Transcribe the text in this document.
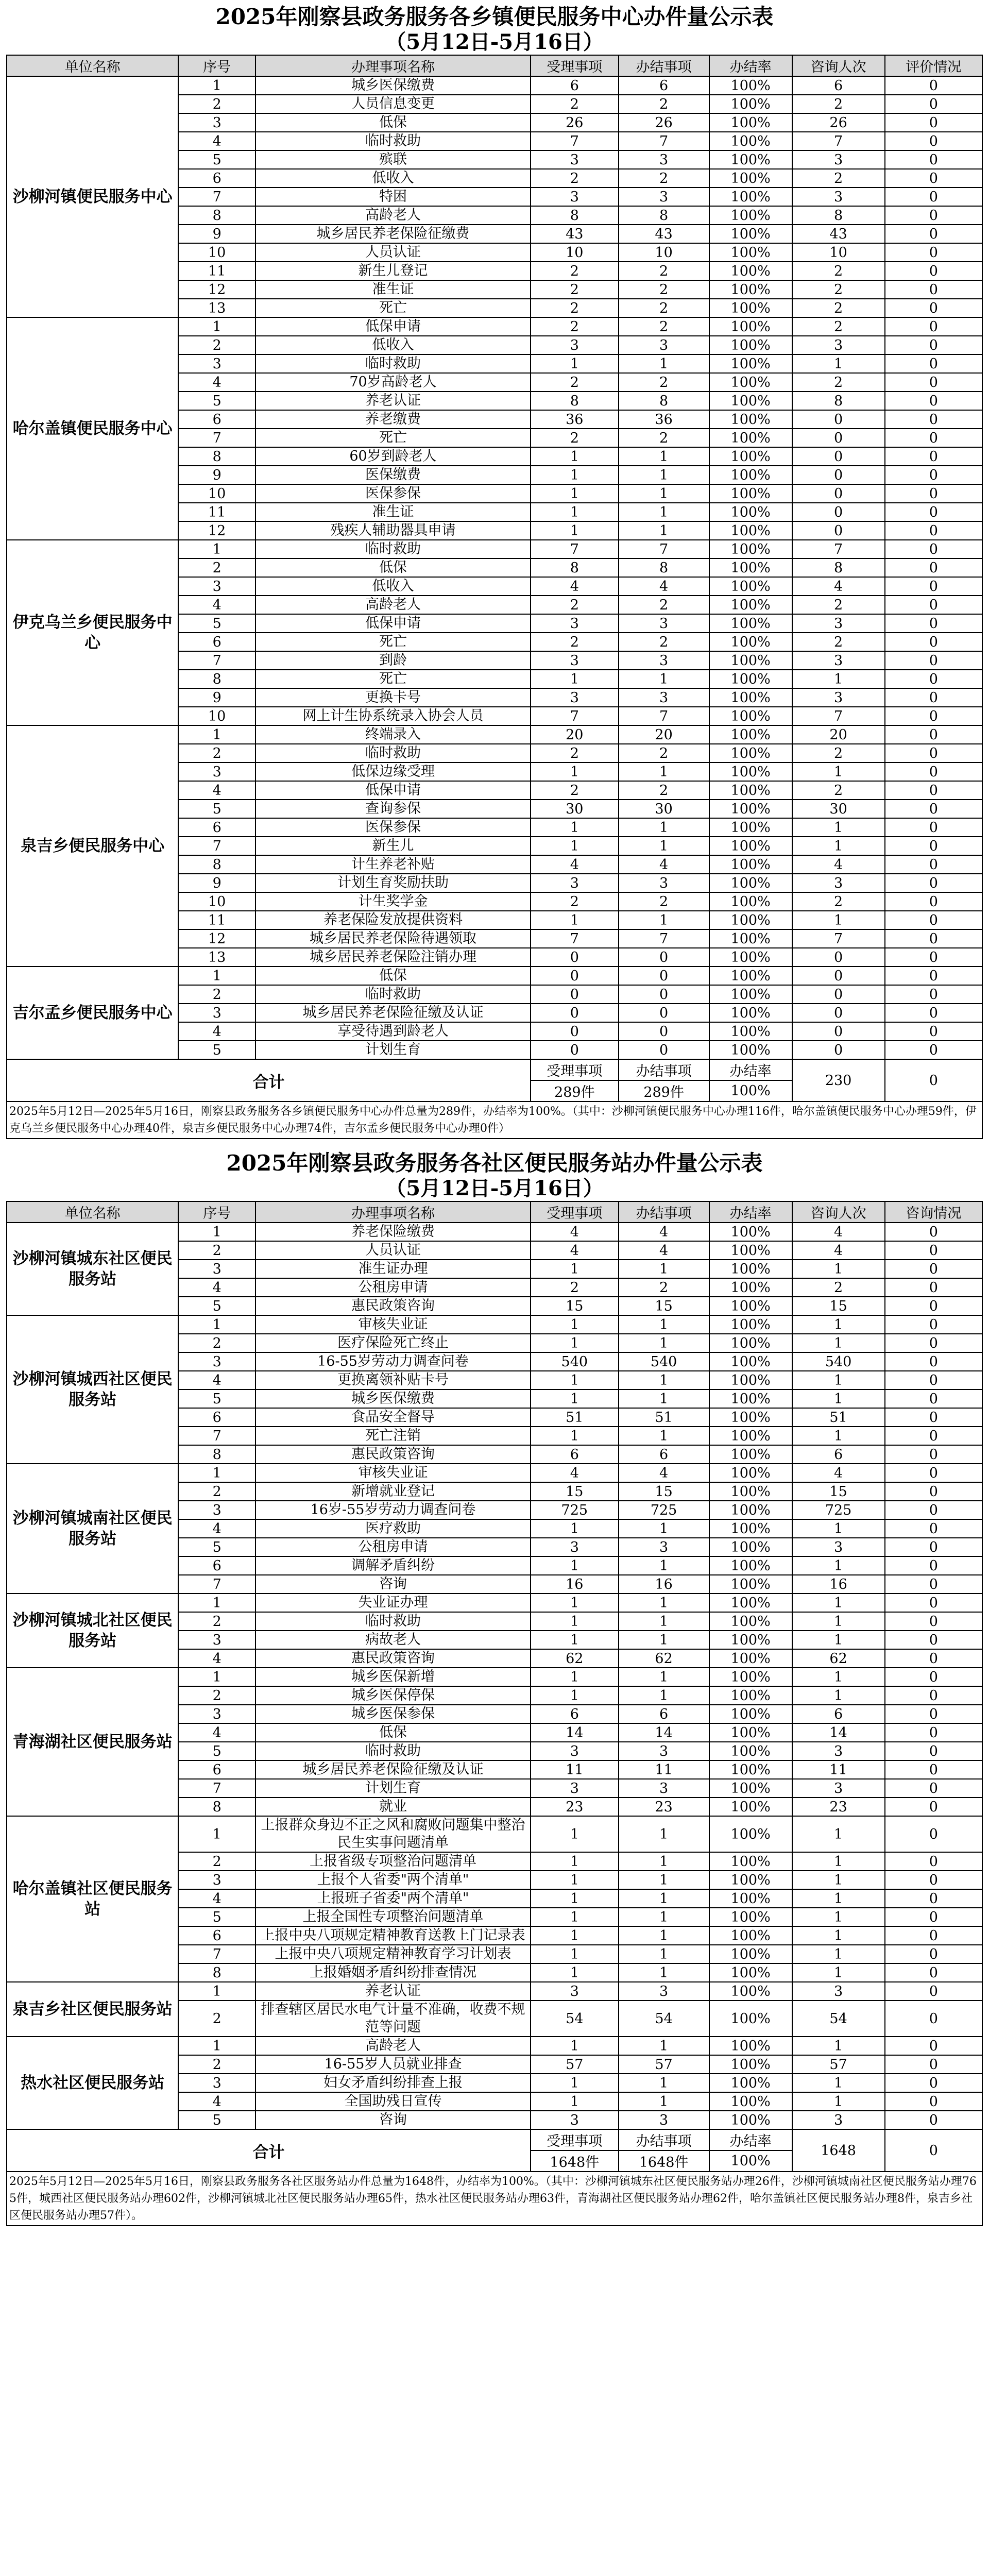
2025年刚察县政务服务各乡镇便民服务中心办件量公示表
（5月12日-5月16日）
单位名称	序号	办理事项名称	受理事项	办结事项	办结率	咨询人次	评价情况
沙柳河镇便民服务中心	1	城乡医保缴费	6	6	100%	6	0
	2	人员信息变更	2	2	100%	2	0
	3	低保	26	26	100%	26	0
	4	临时救助	7	7	100%	7	0
	5	殡联	3	3	100%	3	0
	6	低收入	2	2	100%	2	0
	7	特困	3	3	100%	3	0
	8	高龄老人	8	8	100%	8	0
	9	城乡居民养老保险征缴费	43	43	100%	43	0
	10	人员认证	10	10	100%	10	0
	11	新生儿登记	2	2	100%	2	0
	12	准生证	2	2	100%	2	0
	13	死亡	2	2	100%	2	0
哈尔盖镇便民服务中心	1	低保申请	2	2	100%	2	0
	2	低收入	3	3	100%	3	0
	3	临时救助	1	1	100%	1	0
	4	70岁高龄老人	2	2	100%	2	0
	5	养老认证	8	8	100%	8	0
	6	养老缴费	36	36	100%	0	0
	7	死亡	2	2	100%	0	0
	8	60岁到龄老人	1	1	100%	0	0
	9	医保缴费	1	1	100%	0	0
	10	医保参保	1	1	100%	0	0
	11	准生证	1	1	100%	0	0
	12	残疾人辅助器具申请	1	1	100%	0	0
伊克乌兰乡便民服务中心	1	临时救助	7	7	100%	7	0
	2	低保	8	8	100%	8	0
	3	低收入	4	4	100%	4	0
	4	高龄老人	2	2	100%	2	0
	5	低保申请	3	3	100%	3	0
	6	死亡	2	2	100%	2	0
	7	到龄	3	3	100%	3	0
	8	死亡	1	1	100%	1	0
	9	更换卡号	3	3	100%	3	0
	10	网上计生协系统录入协会人员	7	7	100%	7	0
泉吉乡便民服务中心	1	终端录入	20	20	100%	20	0
	2	临时救助	2	2	100%	2	0
	3	低保边缘受理	1	1	100%	1	0
	4	低保申请	2	2	100%	2	0
	5	查询参保	30	30	100%	30	0
	6	医保参保	1	1	100%	1	0
	7	新生儿	1	1	100%	1	0
	8	计生养老补贴	4	4	100%	4	0
	9	计划生育奖励扶助	3	3	100%	3	0
	10	计生奖学金	2	2	100%	2	0
	11	养老保险发放提供资料	1	1	100%	1	0
	12	城乡居民养老保险待遇领取	7	7	100%	7	0
	13	城乡居民养老保险注销办理	0	0	100%	0	0
吉尔孟乡便民服务中心	1	低保	0	0	100%	0	0
	2	临时救助	0	0	100%	0	0
	3	城乡居民养老保险征缴及认证	0	0	100%	0	0
	4	享受待遇到龄老人	0	0	100%	0	0
	5	计划生育	0	0	100%	0	0
合计			受理事项	办结事项	办结率	230	0
			289件	289件	100%		
2025年5月12日—2025年5月16日，刚察县政务服务各乡镇便民服务中心办件总量为289件，办结率为100%。（其中：沙柳河镇便民服务中心办理116件，哈尔盖镇便民服务中心办理59件，伊克乌兰乡便民服务中心办理40件，泉吉乡便民服务中心办理74件，吉尔孟乡便民服务中心办理0件）							
2025年刚察县政务服务各社区便民服务站办件量公示表
（5月12日-5月16日）
单位名称	序号	办理事项名称	受理事项	办结事项	办结率	咨询人次	咨询情况
沙柳河镇城东社区便民服务站	1	养老保险缴费	4	4	100%	4	0
	2	人员认证	4	4	100%	4	0
	3	准生证办理	1	1	100%	1	0
	4	公租房申请	2	2	100%	2	0
	5	惠民政策咨询	15	15	100%	15	0
沙柳河镇城西社区便民服务站	1	审核失业证	1	1	100%	1	0
	2	医疗保险死亡终止	1	1	100%	1	0
	3	16-55岁劳动力调查问卷	540	540	100%	540	0
	4	更换离领补贴卡号	1	1	100%	1	0
	5	城乡医保缴费	1	1	100%	1	0
	6	食品安全督导	51	51	100%	51	0
	7	死亡注销	1	1	100%	1	0
	8	惠民政策咨询	6	6	100%	6	0
沙柳河镇城南社区便民服务站	1	审核失业证	4	4	100%	4	0
	2	新增就业登记	15	15	100%	15	0
	3	16岁-55岁劳动力调查问卷	725	725	100%	725	0
	4	医疗救助	1	1	100%	1	0
	5	公租房申请	3	3	100%	3	0
	6	调解矛盾纠纷	1	1	100%	1	0
	7	咨询	16	16	100%	16	0
沙柳河镇城北社区便民服务站	1	失业证办理	1	1	100%	1	0
	2	临时救助	1	1	100%	1	0
	3	病故老人	1	1	100%	1	0
	4	惠民政策咨询	62	62	100%	62	0
青海湖社区便民服务站	1	城乡医保新增	1	1	100%	1	0
	2	城乡医保停保	1	1	100%	1	0
	3	城乡医保参保	6	6	100%	6	0
	4	低保	14	14	100%	14	0
	5	临时救助	3	3	100%	3	0
	6	城乡居民养老保险征缴及认证	11	11	100%	11	0
	7	计划生育	3	3	100%	3	0
	8	就业	23	23	100%	23	0
哈尔盖镇社区便民服务站	1	上报群众身边不正之风和腐败问题集中整治民生实事问题清单	1	1	100%	1	0
	2	上报省级专项整治问题清单	1	1	100%	1	0
	3	上报个人省委"两个清单"	1	1	100%	1	0
	4	上报班子省委"两个清单"	1	1	100%	1	0
	5	上报全国性专项整治问题清单	1	1	100%	1	0
	6	上报中央八项规定精神教育送教上门记录表	1	1	100%	1	0
	7	上报中央八项规定精神教育学习计划表	1	1	100%	1	0
	8	上报婚姻矛盾纠纷排查情况	1	1	100%	1	0
泉吉乡社区便民服务站	1	养老认证	3	3	100%	3	0
	2	排查辖区居民水电气计量不准确，收费不规范等问题	54	54	100%	54	0
热水社区便民服务站	1	高龄老人	1	1	100%	1	0
	2	16-55岁人员就业排查	57	57	100%	57	0
	3	妇女矛盾纠纷排查上报	1	1	100%	1	0
	4	全国助残日宣传	1	1	100%	1	0
	5	咨询	3	3	100%	3	0
合计			受理事项	办结事项	办结率	1648	0
			1648件	1648件	100%		
2025年5月12日—2025年5月16日，刚察县政务服务各社区服务站办件总量为1648件，办结率为100%。（其中：沙柳河镇城东社区便民服务站办理26件，沙柳河镇城南社区便民服务站办理765件，城西社区便民服务站办理602件，沙柳河镇城北社区便民服务站办理65件，热水社区便民服务站办理63件，青海湖社区便民服务站办理62件，哈尔盖镇社区便民服务站办理8件，泉吉乡社区便民服务站办理57件）。							
